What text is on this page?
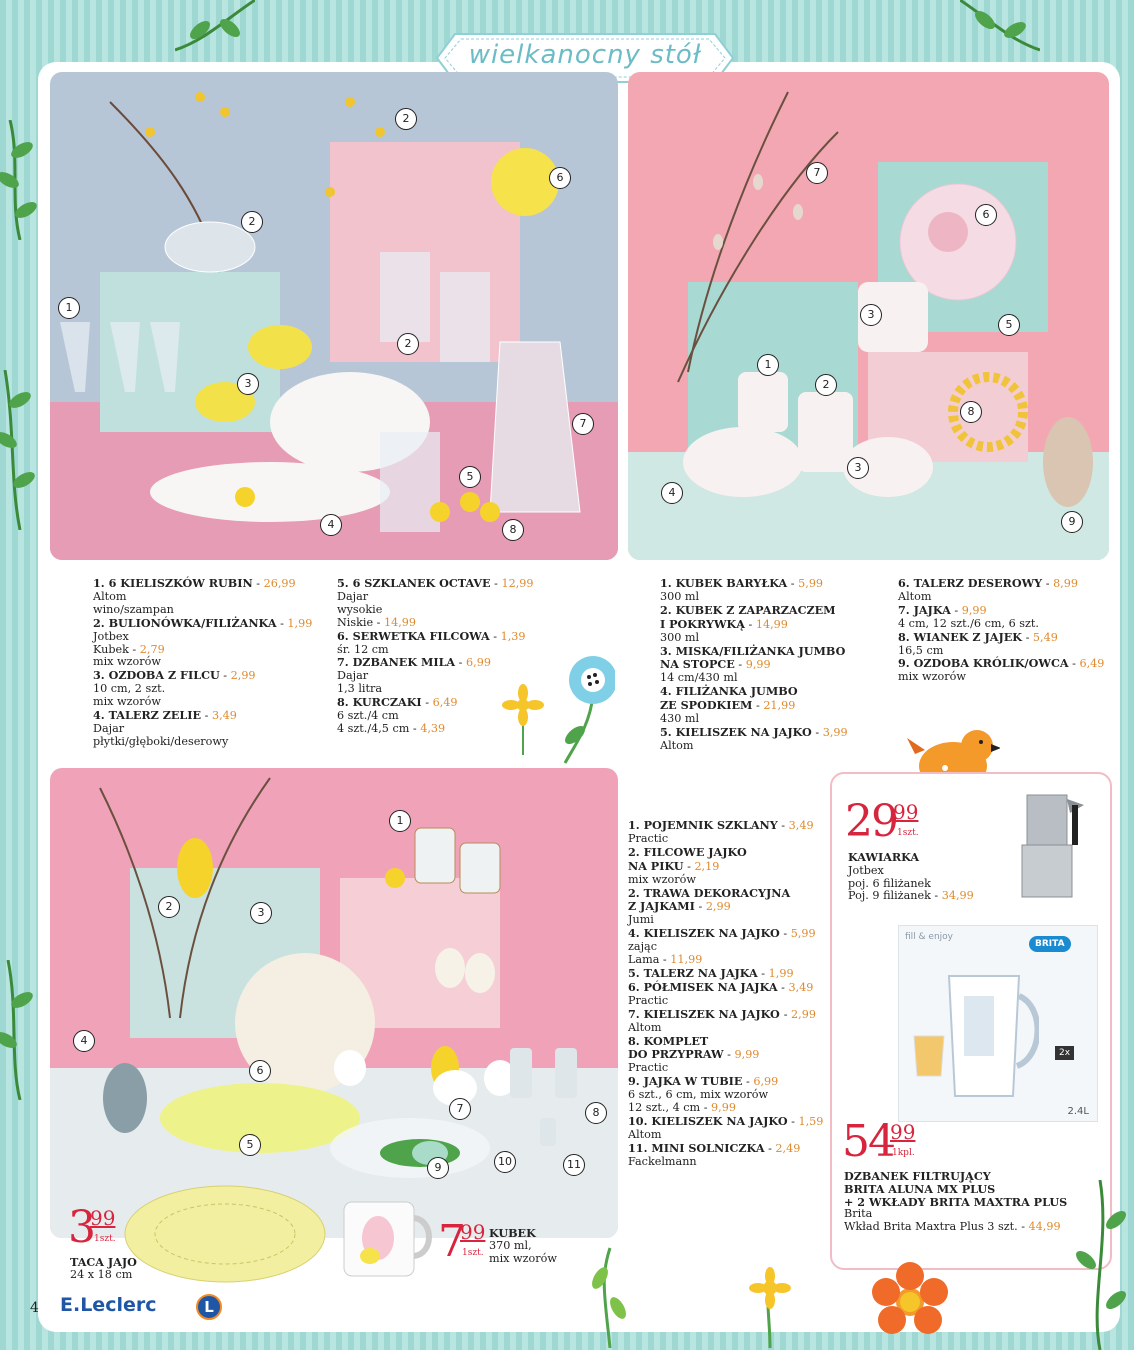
wielkanocny stół
1
2
2
2
3
4
5
6
7
8
1
2
3
3
4
5
6
7
8
9
1. 6 KIELISZKÓW RUBIN - 26,99
Altom
wino/szampan
2. BULIONÓWKA/FILIŻANKA - 1,99
Jotbex
Kubek - 2,79
mix wzorów
3. OZDOBA Z FILCU - 2,99
10 cm, 2 szt.
mix wzorów
4. TALERZ ZELIE - 3,49
Dajar
płytki/głęboki/deserowy
5. 6 SZKLANEK OCTAVE - 12,99
Dajar
wysokie
Niskie - 14,99
6. SERWETKA FILCOWA - 1,39
śr. 12 cm
7. DZBANEK MILA - 6,99
Dajar
1,3 litra
8. KURCZAKI - 6,49
6 szt./4 cm
4 szt./4,5 cm - 4,39
1. KUBEK BARYŁKA - 5,99
300 ml
2. KUBEK Z ZAPARZACZEM
I POKRYWKĄ - 14,99
300 ml
3. MISKA/FILIŻANKA JUMBO
NA STOPCE - 9,99
14 cm/430 ml
4. FILIŻANKA JUMBO
ZE SPODKIEM - 21,99
430 ml
5. KIELISZEK NA JAJKO - 3,99
Altom
6. TALERZ DESEROWY - 8,99
Altom
7. JAJKA - 9,99
4 cm, 12 szt./6 cm, 6 szt.
8. WIANEK Z JAJEK - 5,49
16,5 cm
9. OZDOBA KRÓLIK/OWCA - 6,49
mix wzorów
1
2	3
4
5
6
7	8
9	10	11
1. POJEMNIK SZKLANY - 3,49
Practic
2. FILCOWE JAJKO
NA PIKU - 2,19
mix wzorów
2. TRAWA DEKORACYJNA
Z JAJKAMI - 2,99
Jumi
4. KIELISZEK NA JAJKO - 5,99
zając
Lama - 11,99
5. TALERZ NA JAJKA - 1,99
6. PÓŁMISEK NA JAJKA - 3,49
Practic
7. KIELISZEK NA JAJKO - 2,99
Altom
8. KOMPLET
DO PRZYPRAW - 9,99
Practic
9. JAJKA W TUBIE - 6,99
6 szt., 6 cm, mix wzorów
12 szt., 4 cm - 9,99
10. KIELISZEK NA JAJKO - 1,59
Altom
11. MINI SOLNICZKA - 2,49
Fackelmann
29
99
1szt.
KAWIARKA
Jotbex
poj. 6 filiżanek
Poj. 9 filiżanek - 34,99
fill & enjoy
BRITA
2x
2.4L
54
99
1kpl.
DZBANEK FILTRUJĄCY
BRITA ALUNA MX PLUS
+ 2 WKŁADY BRITA MAXTRA PLUS
Brita
Wkład Brita Maxtra Plus 3 szt. - 44,99
3
99
1szt.
TACA JAJO
24 x 18 cm
7
99
1szt.
KUBEK
370 ml,
mix wzorów
4 E.Leclerc	L
